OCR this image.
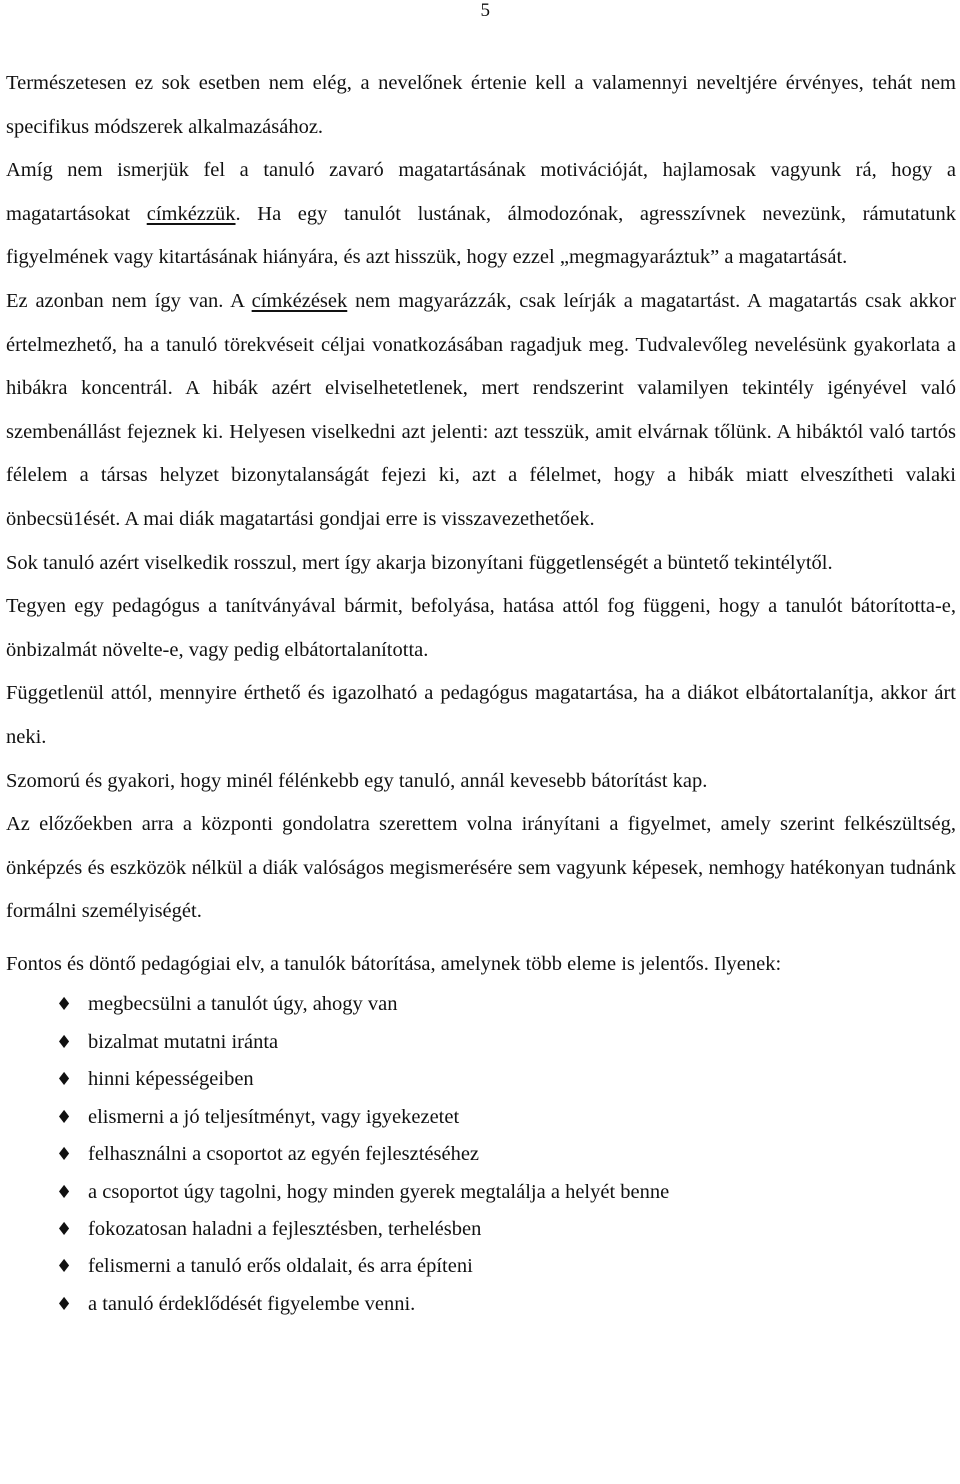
5

Természetesen ez sok esetben nem elég, a nevelőnek értenie kell a valamennyi neveltjére érvényes, tehát nem specifikus módszerek alkalmazásához.

Amíg nem ismerjük fel a tanuló zavaró magatartásának motivációját, hajlamosak vagyunk rá, hogy a magatartásokat címkézzük. Ha egy tanulót lustának, álmodozónak, agresszívnek nevezünk, rámutatunk figyelmének vagy kitartásának hiányára, és azt hisszük, hogy ezzel „megmagyaráztuk” a magatartását.

Ez azonban nem így van. A címkézések nem magyarázzák, csak leírják a magatartást. A magatartás csak akkor értelmezhető, ha a tanuló törekvéseit céljai vonatkozásában ragadjuk meg. Tudvalevőleg nevelésünk gyakorlata a hibákra koncentrál. A hibák azért elviselhetetlenek, mert rendszerint valamilyen tekintély igényével való szembenállást fejeznek ki. Helyesen viselkedni azt jelenti: azt tesszük, amit elvárnak tőlünk. A hibáktól való tartós félelem a társas helyzet bizonytalanságát fejezi ki, azt a félelmet, hogy a hibák miatt elveszítheti valaki önbecsü1ését. A mai diák magatartási gondjai erre is visszavezethetőek.

Sok tanuló azért viselkedik rosszul, mert így akarja bizonyítani függetlenségét a büntető tekintélytől.

Tegyen egy pedagógus a tanítványával bármit, befolyása, hatása attól fog függeni, hogy a tanulót bátorította-e, önbizalmát növelte-e, vagy pedig elbátortalanította.

Függetlenül attól, mennyire érthető és igazolható a pedagógus magatartása, ha a diákot elbátortalanítja, akkor árt neki.

Szomorú és gyakori, hogy minél félénkebb egy tanuló, annál kevesebb bátorítást kap.

Az előzőekben arra a központi gondolatra szerettem volna irányítani a figyelmet, amely szerint felkészültség, önképzés és eszközök nélkül a diák valóságos megismerésére sem vagyunk képesek, nemhogy hatékonyan tudnánk formálni személyiségét.

Fontos és döntő pedagógiai elv, a tanulók bátorítása, amelynek több eleme is jelentős. Ilyenek:

♦ megbecsülni a tanulót úgy, ahogy van
♦ bizalmat mutatni iránta
♦ hinni képességeiben
♦ elismerni a jó teljesítményt, vagy igyekezetet
♦ felhasználni a csoportot az egyén fejlesztéséhez
♦ a csoportot úgy tagolni, hogy minden gyerek megtalálja a helyét benne
♦ fokozatosan haladni a fejlesztésben, terhelésben
♦ felismerni a tanuló erős oldalait, és arra építeni
♦ a tanuló érdeklődését figyelembe venni.
